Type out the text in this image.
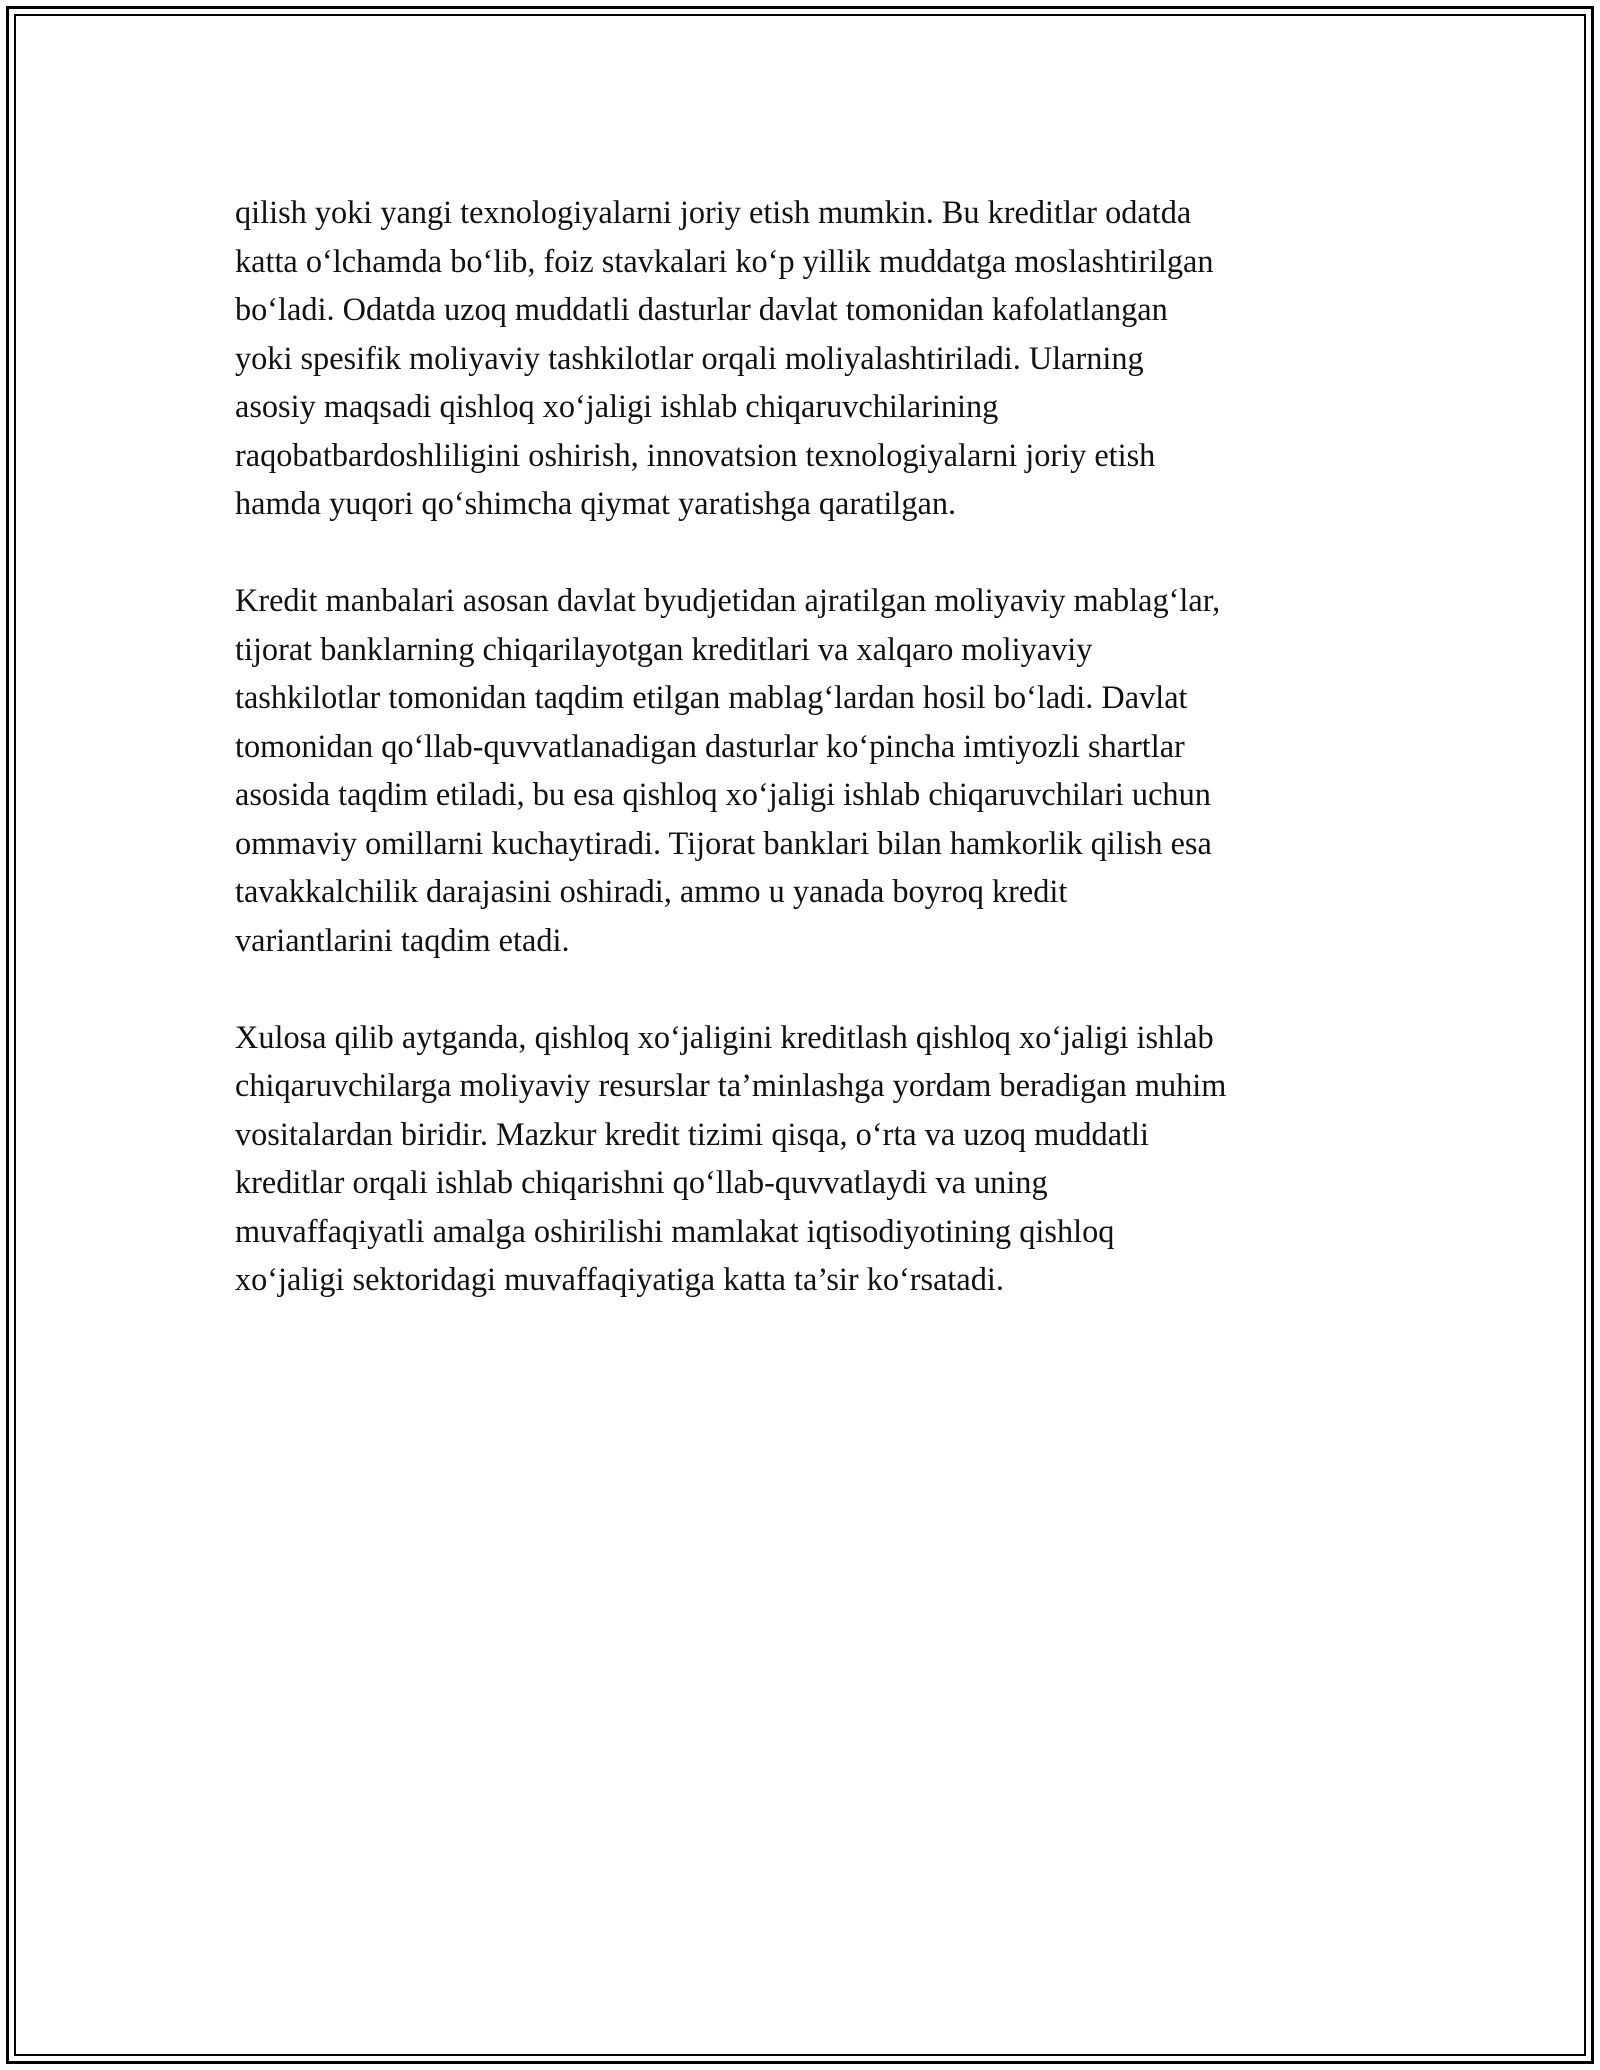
qilish yoki yangi texnologiyalarni joriy etish mumkin. Bu kreditlar odatda
katta o‘lchamda bo‘lib, foiz stavkalari ko‘p yillik muddatga moslashtirilgan
bo‘ladi. Odatda uzoq muddatli dasturlar davlat tomonidan kafolatlangan
yoki spesifik moliyaviy tashkilotlar orqali moliyalashtiriladi. Ularning
asosiy maqsadi qishloq xo‘jaligi ishlab chiqaruvchilarining
raqobatbardoshliligini oshirish, innovatsion texnologiyalarni joriy etish
hamda yuqori qo‘shimcha qiymat yaratishga qaratilgan.

Kredit manbalari asosan davlat byudjetidan ajratilgan moliyaviy mablag‘lar,
tijorat banklarning chiqarilayotgan kreditlari va xalqaro moliyaviy
tashkilotlar tomonidan taqdim etilgan mablag‘lardan hosil bo‘ladi. Davlat
tomonidan qo‘llab-quvvatlanadigan dasturlar ko‘pincha imtiyozli shartlar
asosida taqdim etiladi, bu esa qishloq xo‘jaligi ishlab chiqaruvchilari uchun
ommaviy omillarni kuchaytiradi. Tijorat banklari bilan hamkorlik qilish esa
tavakkalchilik darajasini oshiradi, ammo u yanada boyroq kredit
variantlarini taqdim etadi.

Xulosa qilib aytganda, qishloq xo‘jaligini kreditlash qishloq xo‘jaligi ishlab
chiqaruvchilarga moliyaviy resurslar ta’minlashga yordam beradigan muhim
vositalardan biridir. Mazkur kredit tizimi qisqa, o‘rta va uzoq muddatli
kreditlar orqali ishlab chiqarishni qo‘llab-quvvatlaydi va uning
muvaffaqiyatli amalga oshirilishi mamlakat iqtisodiyotining qishloq
xo‘jaligi sektoridagi muvaffaqiyatiga katta ta’sir ko‘rsatadi.
